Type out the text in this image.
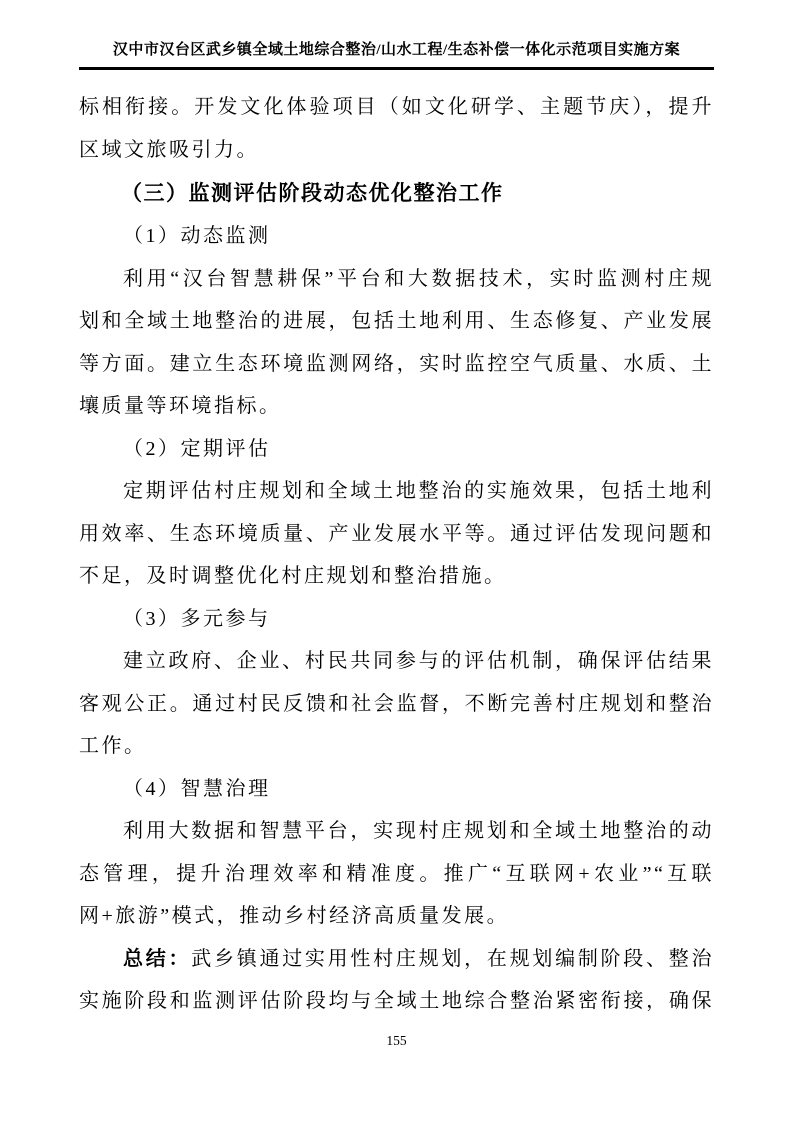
汉中市汉台区武乡镇全域土地综合整治/山水工程/生态补偿一体化示范项目实施方案
标相衔接。开发文化体验项目（如文化研学、主题节庆），提升
区域文旅吸引力。
（三）监测评估阶段动态优化整治工作
（1）动态监测
利用“汉台智慧耕保”平台和大数据技术，实时监测村庄规
划和全域土地整治的进展，包括土地利用、生态修复、产业发展
等方面。建立生态环境监测网络，实时监控空气质量、水质、土
壤质量等环境指标。
（2）定期评估
定期评估村庄规划和全域土地整治的实施效果，包括土地利
用效率、生态环境质量、产业发展水平等。通过评估发现问题和
不足，及时调整优化村庄规划和整治措施。
（3）多元参与
建立政府、企业、村民共同参与的评估机制，确保评估结果
客观公正。通过村民反馈和社会监督，不断完善村庄规划和整治
工作。
（4）智慧治理
利用大数据和智慧平台，实现村庄规划和全域土地整治的动
态管理，提升治理效率和精准度。推广“互联网+农业”“互联
网+旅游”模式，推动乡村经济高质量发展。
总结：武乡镇通过实用性村庄规划，在规划编制阶段、整治
实施阶段和监测评估阶段均与全域土地综合整治紧密衔接，确保
155
